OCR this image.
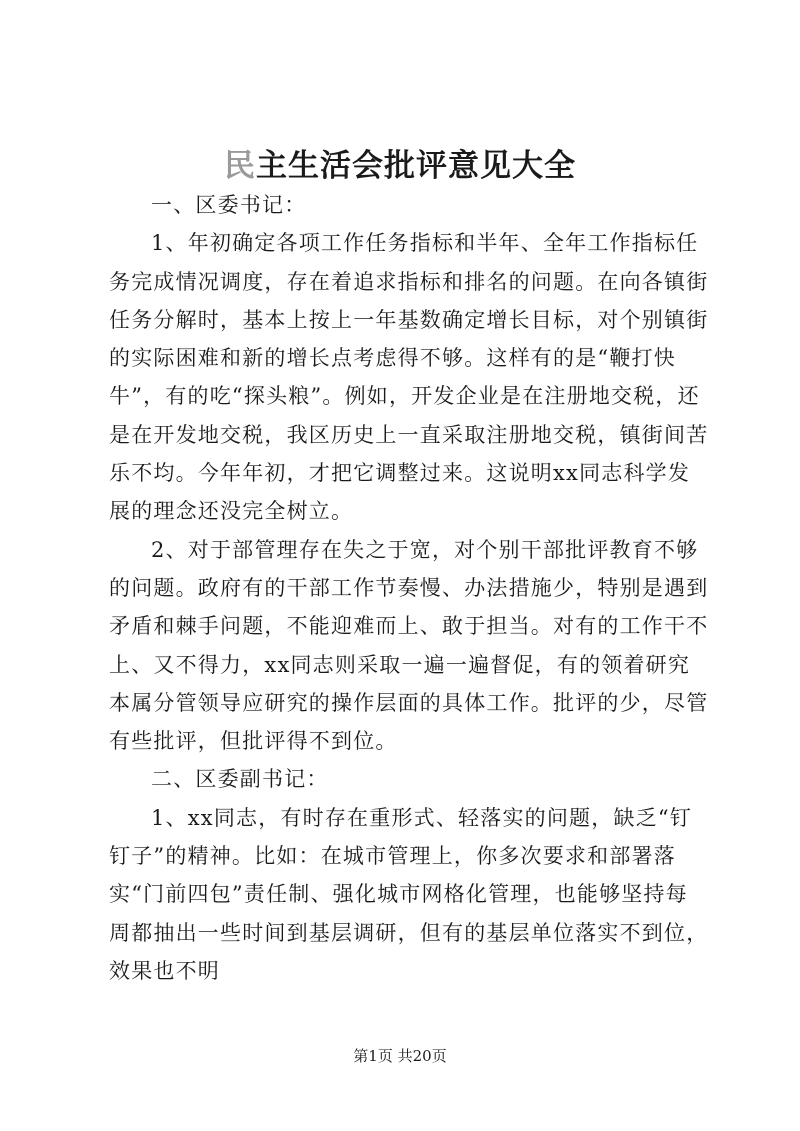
民主生活会批评意见大全

一、区委书记：

1、年初确定各项工作任务指标和半年、全年工作指标任务完成情况调度，存在着追求指标和排名的问题。在向各镇街任务分解时，基本上按上一年基数确定增长目标，对个别镇街的实际困难和新的增长点考虑得不够。这样有的是“鞭打快牛”，有的吃“探头粮”。例如，开发企业是在注册地交税，还是在开发地交税，我区历史上一直采取注册地交税，镇街间苦乐不均。今年年初，才把它调整过来。这说明xx同志科学发展的理念还没完全树立。

2、对于部管理存在失之于宽，对个别干部批评教育不够的问题。政府有的干部工作节奏慢、办法措施少，特别是遇到矛盾和棘手问题，不能迎难而上、敢于担当。对有的工作干不上、又不得力，xx同志则采取一遍一遍督促，有的领着研究本属分管领导应研究的操作层面的具体工作。批评的少，尽管有些批评，但批评得不到位。

二、区委副书记：

1、xx同志，有时存在重形式、轻落实的问题，缺乏“钉钉子”的精神。比如：在城市管理上，你多次要求和部署落实“门前四包”责任制、强化城市网格化管理，也能够坚持每周都抽出一些时间到基层调研，但有的基层单位落实不到位，效果也不明

第1页 共20页
